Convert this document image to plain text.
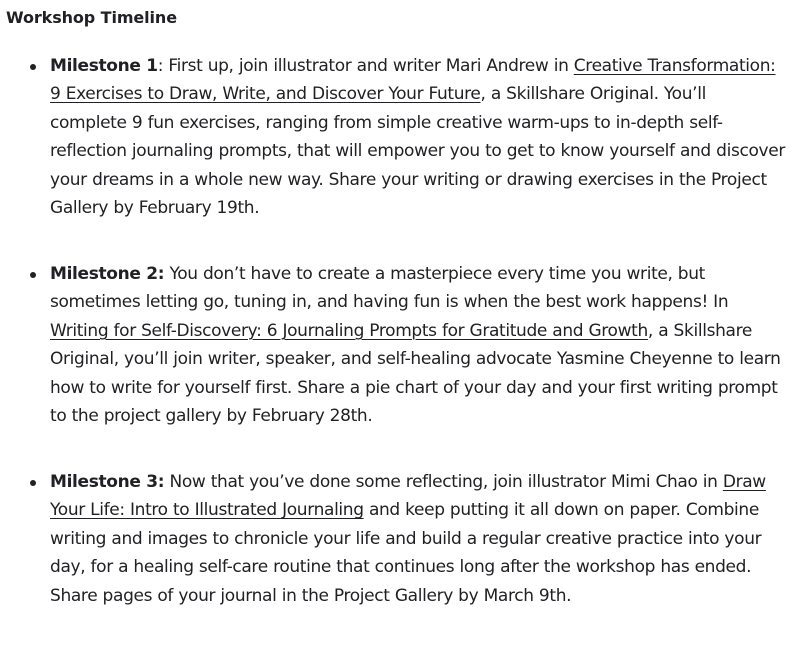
Workshop Timeline
Milestone 1: First up, join illustrator and writer Mari Andrew in Creative Transformation: 9 Exercises to Draw, Write, and Discover Your Future, a Skillshare Original. You’ll complete 9 fun exercises, ranging from simple creative warm-ups to in-depth self-reflection journaling prompts, that will empower you to get to know yourself and discover your dreams in a whole new way. Share your writing or drawing exercises in the Project Gallery by February 19th.
Milestone 2: You don’t have to create a masterpiece every time you write, but sometimes letting go, tuning in, and having fun is when the best work happens! In Writing for Self-Discovery: 6 Journaling Prompts for Gratitude and Growth, a Skillshare Original, you’ll join writer, speaker, and self-healing advocate Yasmine Cheyenne to learn how to write for yourself first. Share a pie chart of your day and your first writing prompt to the project gallery by February 28th.
Milestone 3: Now that you’ve done some reflecting, join illustrator Mimi Chao in Draw Your Life: Intro to Illustrated Journaling and keep putting it all down on paper. Combine writing and images to chronicle your life and build a regular creative practice into your day, for a healing self-care routine that continues long after the workshop has ended. Share pages of your journal in the Project Gallery by March 9th.
